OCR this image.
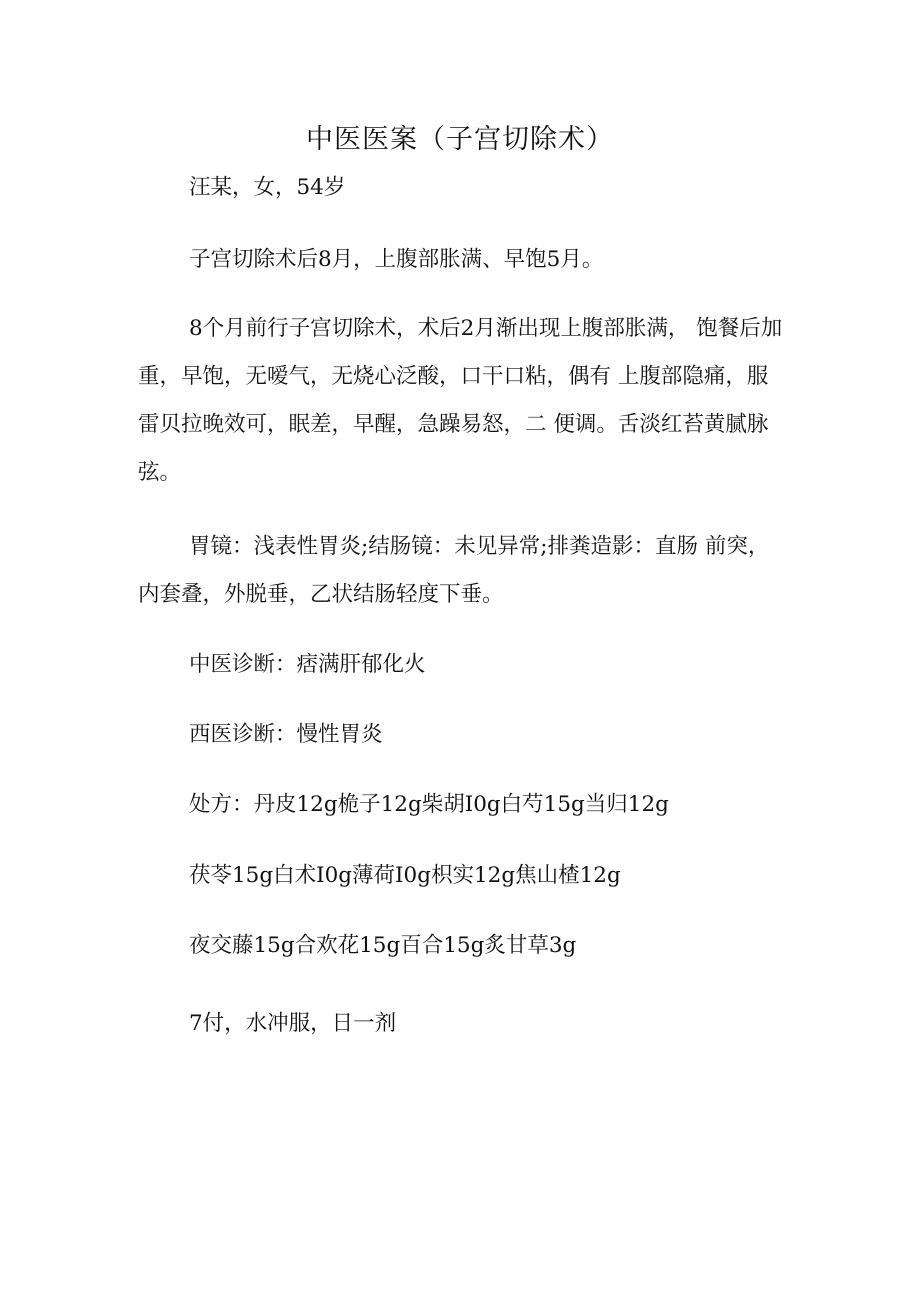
中医医案（子宫切除术）

汪某，女，54岁

子宫切除术后8月，上腹部胀满、早饱5月。

8个月前行子宫切除术，术后2月渐出现上腹部胀满， 饱餐后加重，早饱，无嗳气，无烧心泛酸，口干口粘，偶有 上腹部隐痛，服雷贝拉晚效可，眠差，早醒，急躁易怒，二 便调。舌淡红苔黄腻脉弦。

胃镜：浅表性胃炎;结肠镜：未见异常;排粪造影：直肠 前突，内套叠，外脱垂，乙状结肠轻度下垂。

中医诊断：痞满肝郁化火

西医诊断：慢性胃炎

处方：丹皮12g桅子12g柴胡I0g白芍15g当归12g

茯苓15g白术I0g薄荷I0g枳实12g焦山楂12g

夜交藤15g合欢花15g百合15g炙甘草3g

7付，水冲服，日一剂
